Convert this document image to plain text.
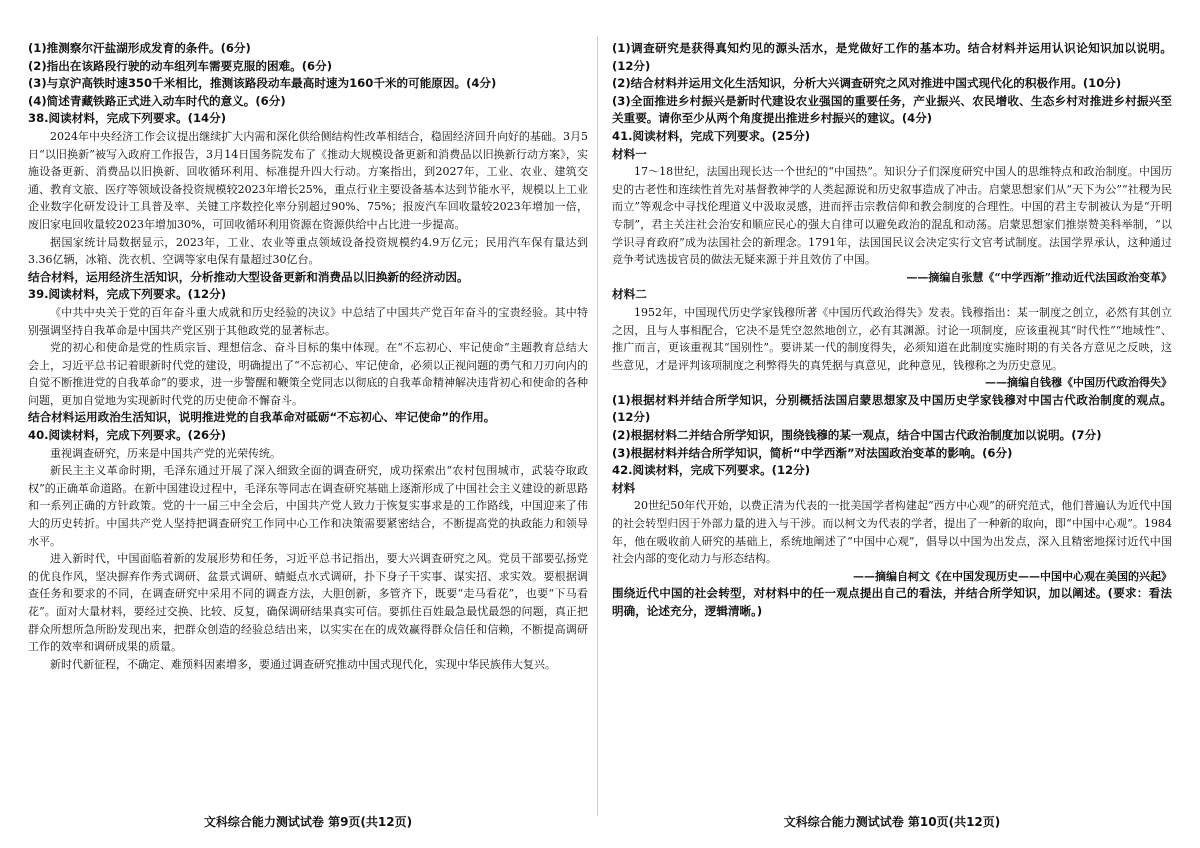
(1)推测察尔汗盐湖形成发育的条件。(6分)

(2)指出在该路段行驶的动车组列车需要克服的困难。(6分)

(3)与京沪高铁时速350千米相比，推测该路段动车最高时速为160千米的可能原因。(4分)

(4)简述青藏铁路正式进入动车时代的意义。(6分)

38.阅读材料，完成下列要求。(14分)

2024年中央经济工作会议提出继续扩大内需和深化供给侧结构性改革相结合，稳固经济回升向好的基础。3月5日“以旧换新”被写入政府工作报告，3月14日国务院发布了《推动大规模设备更新和消费品以旧换新行动方案》，实施设备更新、消费品以旧换新、回收循环利用、标准提升四大行动。方案指出，到2027年，工业、农业、建筑交通、教育文旅、医疗等领域设备投资规模较2023年增长25%，重点行业主要设备基本达到节能水平，规模以上工业企业数字化研发设计工具普及率、关键工序数控化率分别超过90%、75%；报废汽车回收量较2023年增加一倍，废旧家电回收量较2023年增加30%，可回收循环利用资源在资源供给中占比进一步提高。

据国家统计局数据显示，2023年，工业、农业等重点领域设备投资规模约4.9万亿元；民用汽车保有量达到3.36亿辆，冰箱、洗衣机、空调等家电保有量超过30亿台。

结合材料，运用经济生活知识，分析推动大型设备更新和消费品以旧换新的经济动因。

39.阅读材料，完成下列要求。(12分)

《中共中央关于党的百年奋斗重大成就和历史经验的决议》中总结了中国共产党百年奋斗的宝贵经验。其中特别强调坚持自我革命是中国共产党区别于其他政党的显著标志。

党的初心和使命是党的性质宗旨、理想信念、奋斗目标的集中体现。在“不忘初心、牢记使命”主题教育总结大会上，习近平总书记着眼新时代党的建设，明确提出了“不忘初心、牢记使命，必须以正视问题的勇气和刀刃向内的自觉不断推进党的自我革命”的要求，进一步警醒和鞭策全党同志以彻底的自我革命精神解决违背初心和使命的各种问题，更加自觉地为实现新时代党的历史使命不懈奋斗。

结合材料运用政治生活知识，说明推进党的自我革命对砥砺“不忘初心、牢记使命”的作用。

40.阅读材料，完成下列要求。(26分)

重视调查研究，历来是中国共产党的光荣传统。

新民主主义革命时期，毛泽东通过开展了深入细致全面的调查研究，成功探索出“农村包围城市，武装夺取政权”的正确革命道路。在新中国建设过程中，毛泽东等同志在调查研究基础上逐渐形成了中国社会主义建设的新思路和一系列正确的方针政策。党的十一届三中全会后，中国共产党人致力于恢复实事求是的工作路线，中国迎来了伟大的历史转折。中国共产党人坚持把调查研究工作同中心工作和决策需要紧密结合，不断提高党的执政能力和领导水平。

进入新时代，中国面临着新的发展形势和任务，习近平总书记指出，要大兴调查研究之风。党员干部要弘扬党的优良作风，坚决摒弃作秀式调研、盆景式调研、蜻蜓点水式调研，扑下身子干实事、谋实招、求实效。要根据调查任务和要求的不同，在调查研究中采用不同的调查方法，大胆创新，多管齐下，既要“走马看花”，也要“下马看花”。面对大量材料，要经过交换、比较、反复，确保调研结果真实可信。要抓住百姓最急最忧最怨的问题，真正把群众所想所急所盼发现出来，把群众创造的经验总结出来，以实实在在的成效赢得群众信任和信赖，不断提高调研工作的效率和调研成果的质量。

新时代新征程，不确定、难预料因素增多，要通过调查研究推动中国式现代化，实现中华民族伟大复兴。

文科综合能力测试试卷 第9页(共12页)

(1)调查研究是获得真知灼见的源头活水，是党做好工作的基本功。结合材料并运用认识论知识加以说明。(12分)

(2)结合材料并运用文化生活知识，分析大兴调查研究之风对推进中国式现代化的积极作用。(10分)

(3)全面推进乡村振兴是新时代建设农业强国的重要任务，产业振兴、农民增收、生态乡村对推进乡村振兴至关重要。请你至少从两个角度提出推进乡村振兴的建议。(4分)

41.阅读材料，完成下列要求。(25分)

材料一

17～18世纪，法国出现长达一个世纪的“中国热”。知识分子们深度研究中国人的思维特点和政治制度。中国历史的古老性和连续性首先对基督教神学的人类起源说和历史叙事造成了冲击。启蒙思想家们从“天下为公”“社稷为民而立”等观念中寻找伦理道义中汲取灵感，进而抨击宗教信仰和教会制度的合理性。中国的君主专制被认为是“开明专制”，君主关注社会治安和顺应民心的强大自律可以避免政治的混乱和动荡。启蒙思想家们推崇赞美科举制，“以学识寻育政府”成为法国社会的新理念。1791年，法国国民议会决定实行文官考试制度。法国学界承认，这种通过竞争考试选拔官员的做法无疑来源于并且效仿了中国。

——摘编自张慧《“中学西渐”推动近代法国政治变革》

材料二

1952年，中国现代历史学家钱穆所著《中国历代政治得失》发表。钱穆指出：某一制度之创立，必然有其创立之因，且与人事相配合，它决不是凭空忽然地创立，必有其渊源。讨论一项制度，应该重视其“时代性”“地域性”、推广而言，更该重视其“国别性”。要讲某一代的制度得失，必须知道在此制度实施时期的有关各方意见之反映，这些意见，才是评判该项制度之利弊得失的真凭据与真意见，此种意见，钱穆称之为历史意见。

——摘编自钱穆《中国历代政治得失》

(1)根据材料并结合所学知识，分别概括法国启蒙思想家及中国历史学家钱穆对中国古代政治制度的观点。(12分)

(2)根据材料二并结合所学知识，围绕钱穆的某一观点，结合中国古代政治制度加以说明。(7分)

(3)根据材料并结合所学知识，简析“中学西渐”对法国政治变革的影响。(6分)

42.阅读材料，完成下列要求。(12分)

材料

20世纪50年代开始，以费正清为代表的一批美国学者构建起“西方中心观”的研究范式，他们普遍认为近代中国的社会转型归因于外部力量的进入与干涉。而以柯文为代表的学者，提出了一种新的取向，即“中国中心观”。1984年，他在吸收前人研究的基础上，系统地阐述了“中国中心观”，倡导以中国为出发点，深入且精密地探讨近代中国社会内部的变化动力与形态结构。

——摘编自柯文《在中国发现历史——中国中心观在美国的兴起》

围绕近代中国的社会转型，对材料中的任一观点提出自己的看法，并结合所学知识，加以阐述。(要求：看法明确，论述充分，逻辑清晰。)

文科综合能力测试试卷 第10页(共12页)
